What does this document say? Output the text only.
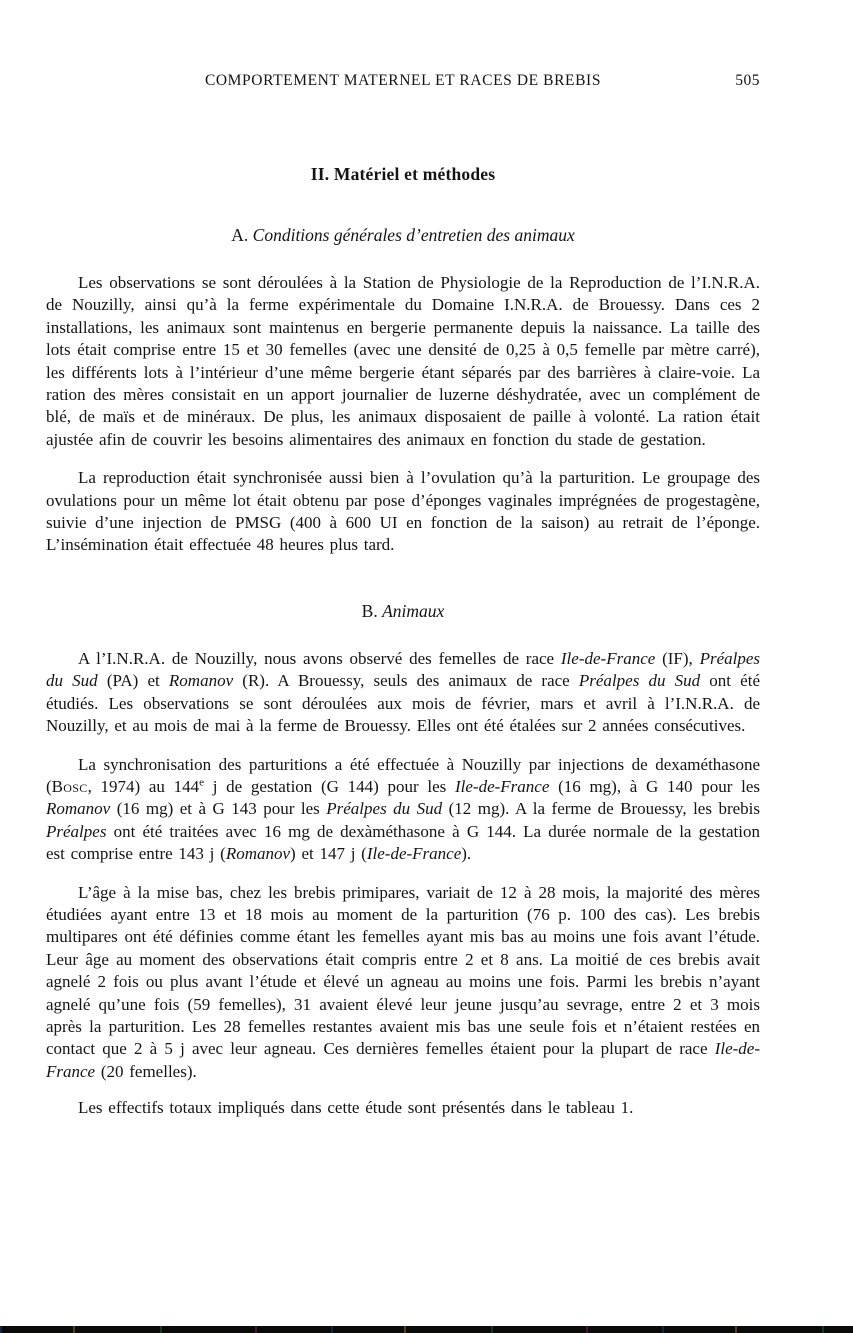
COMPORTEMENT MATERNEL ET RACES DE BREBIS	505
II. Matériel et méthodes
A. Conditions générales d’entretien des animaux

Les observations se sont déroulées à la Station de Physiologie de la Reproduction de l’I.N.R.A. de Nouzilly, ainsi qu’à la ferme expérimentale du Domaine I.N.R.A. de Brouessy. Dans ces 2 installations, les animaux sont maintenus en bergerie permanente depuis la naissance. La taille des lots était comprise entre 15 et 30 femelles (avec une densité de 0,25 à 0,5 femelle par mètre carré), les différents lots à l’intérieur d’une même bergerie étant séparés par des barrières à claire-voie. La ration des mères consistait en un apport journalier de luzerne déshydratée, avec un complément de blé, de maïs et de minéraux. De plus, les animaux disposaient de paille à volonté. La ration était ajustée afin de couvrir les besoins alimentaires des animaux en fonction du stade de gestation.

La reproduction était synchronisée aussi bien à l’ovulation qu’à la parturition. Le groupage des ovulations pour un même lot était obtenu par pose d’éponges vaginales imprégnées de progestagène, suivie d’une injection de PMSG (400 à 600 UI en fonction de la saison) au retrait de l’éponge. L’insémination était effectuée 48 heures plus tard.

B. Animaux

A l’I.N.R.A. de Nouzilly, nous avons observé des femelles de race Ile-de-France (IF), Préalpes du Sud (PA) et Romanov (R). A Brouessy, seuls des animaux de race Préalpes du Sud ont été étudiés. Les observations se sont déroulées aux mois de février, mars et avril à l’I.N.R.A. de Nouzilly, et au mois de mai à la ferme de Brouessy. Elles ont été étalées sur 2 années consécutives.

La synchronisation des parturitions a été effectuée à Nouzilly par injections de dexaméthasone (Bosc, 1974) au 144e j de gestation (G 144) pour les Ile-de-France (16 mg), à G 140 pour les Romanov (16 mg) et à G 143 pour les Préalpes du Sud (12 mg). A la ferme de Brouessy, les brebis Préalpes ont été traitées avec 16 mg de dexàméthasone à G 144. La durée normale de la gestation est comprise entre 143 j (Romanov) et 147 j (Ile-de-France).

L’âge à la mise bas, chez les brebis primipares, variait de 12 à 28 mois, la majorité des mères étudiées ayant entre 13 et 18 mois au moment de la parturition (76 p. 100 des cas). Les brebis multipares ont été définies comme étant les femelles ayant mis bas au moins une fois avant l’étude. Leur âge au moment des observations était compris entre 2 et 8 ans. La moitié de ces brebis avait agnelé 2 fois ou plus avant l’étude et élevé un agneau au moins une fois. Parmi les brebis n’ayant agnelé qu’une fois (59 femelles), 31 avaient élevé leur jeune jusqu’au sevrage, entre 2 et 3 mois après la parturition. Les 28 femelles restantes avaient mis bas une seule fois et n’étaient restées en contact que 2 à 5 j avec leur agneau. Ces dernières femelles étaient pour la plupart de race Ile-de-France (20 femelles).

Les effectifs totaux impliqués dans cette étude sont présentés dans le tableau 1.
